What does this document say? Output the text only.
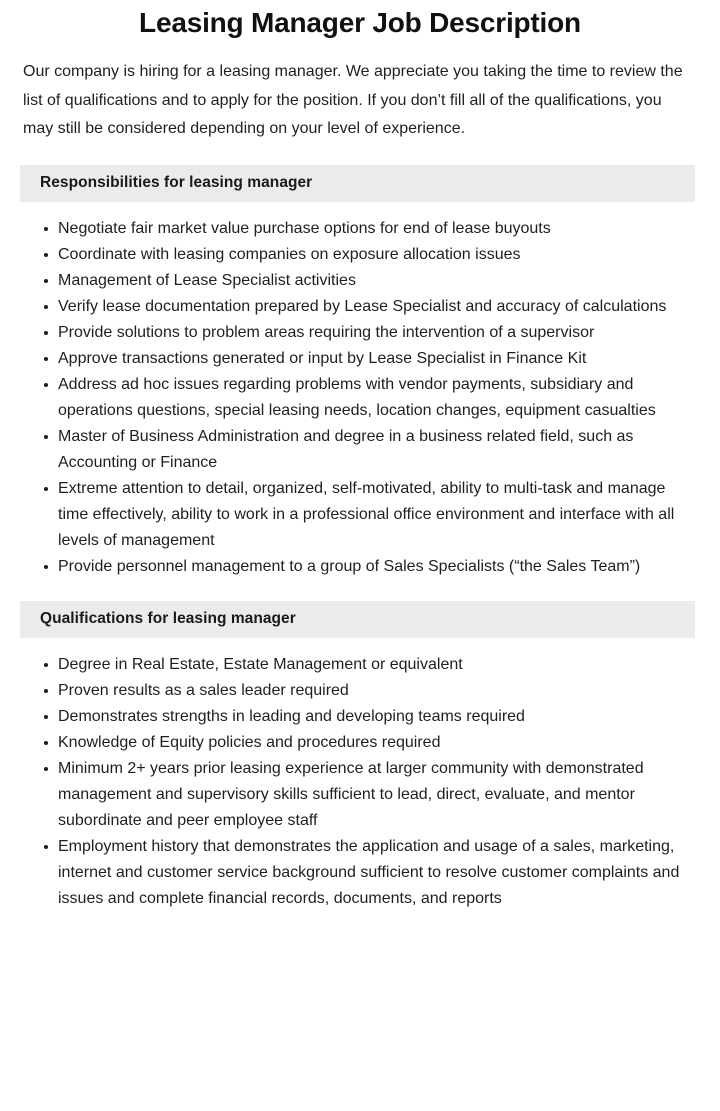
Leasing Manager Job Description

Our company is hiring for a leasing manager. We appreciate you taking the time to review the list of qualifications and to apply for the position. If you don’t fill all of the qualifications, you may still be considered depending on your level of experience.

Responsibilities for leasing manager
Negotiate fair market value purchase options for end of lease buyouts
Coordinate with leasing companies on exposure allocation issues
Management of Lease Specialist activities
Verify lease documentation prepared by Lease Specialist and accuracy of calculations
Provide solutions to problem areas requiring the intervention of a supervisor
Approve transactions generated or input by Lease Specialist in Finance Kit
Address ad hoc issues regarding problems with vendor payments, subsidiary and operations questions, special leasing needs, location changes, equipment casualties
Master of Business Administration and degree in a business related field, such as Accounting or Finance
Extreme attention to detail, organized, self-motivated, ability to multi-task and manage time effectively, ability to work in a professional office environment and interface with all levels of management
Provide personnel management to a group of Sales Specialists (“the Sales Team”)
Qualifications for leasing manager
Degree in Real Estate, Estate Management or equivalent
Proven results as a sales leader required
Demonstrates strengths in leading and developing teams required
Knowledge of Equity policies and procedures required
Minimum 2+ years prior leasing experience at larger community with demonstrated management and supervisory skills sufficient to lead, direct, evaluate, and mentor subordinate and peer employee staff
Employment history that demonstrates the application and usage of a sales, marketing, internet and customer service background sufficient to resolve customer complaints and issues and complete financial records, documents, and reports
